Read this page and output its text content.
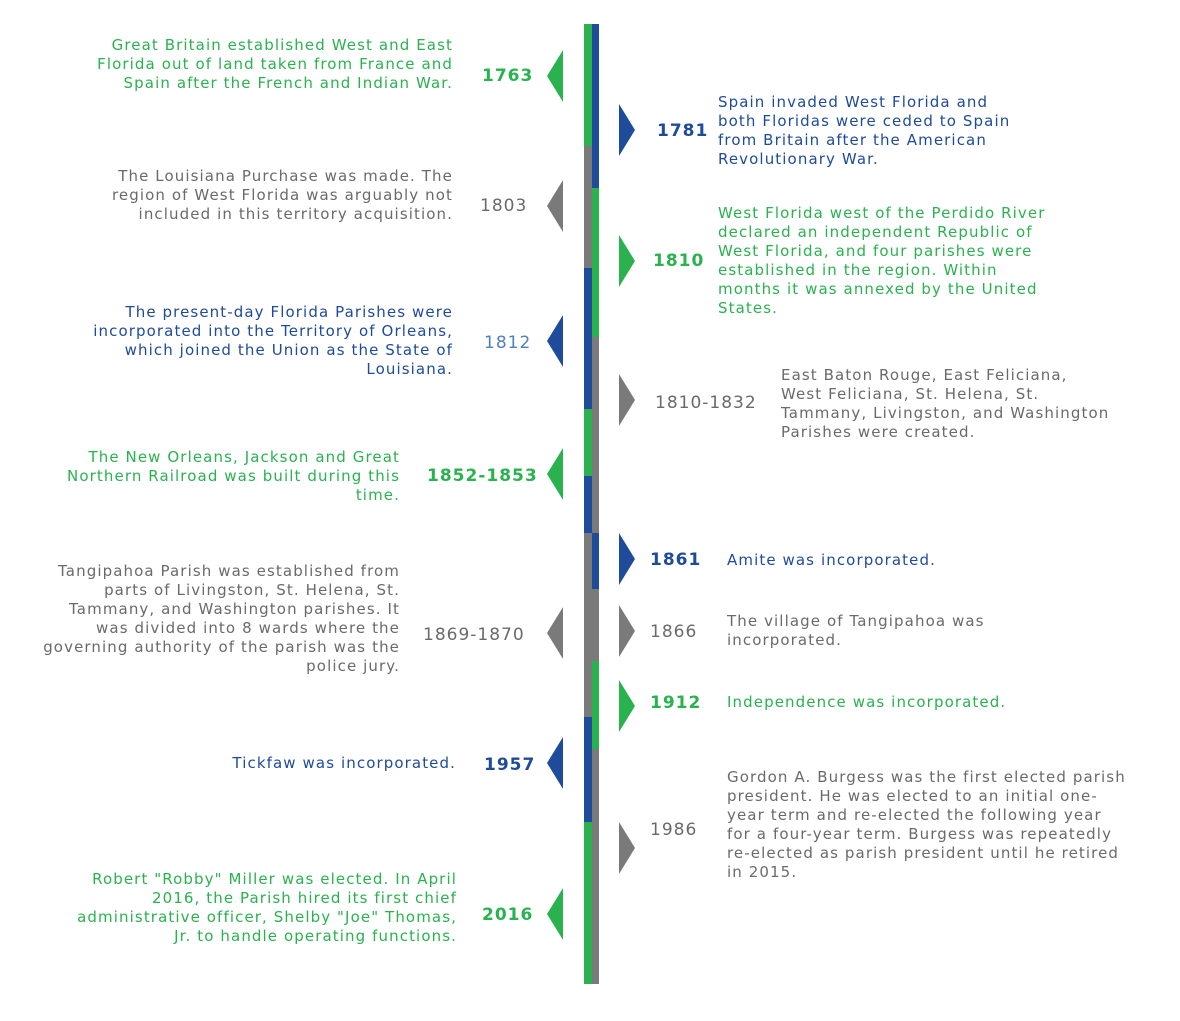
1763
Great Britain established West and East Florida out of land taken from France and Spain after the French and Indian War.
1781
Spain invaded West Florida and both Floridas were ceded to Spain from Britain after the American Revolutionary War.
1803
The Louisiana Purchase was made. The region of West Florida was arguably not included in this territory acquisition.
1810
West Florida west of the Perdido River declared an independent Republic of West Florida, and four parishes were established in the region. Within months it was annexed by the United States.
1812
The present-day Florida Parishes were incorporated into the Territory of Orleans, which joined the Union as the State of Louisiana.
1810-1832
East Baton Rouge, East Feliciana, West Feliciana, St. Helena, St. Tammany, Livingston, and Washington Parishes were created.
1852-1853
The New Orleans, Jackson and Great Northern Railroad was built during this time.
1861 Amite was incorporated.
1869-1870
Tangipahoa Parish was established from parts of Livingston, St. Helena, St. Tammany, and Washington parishes. It was divided into 8 wards where the governing authority of the parish was the police jury.
1866
The village of Tangipahoa was incorporated.
1912 Independence was incorporated.
1957
Tickfaw was incorporated.
1986
Gordon A. Burgess was the first elected parish president. He was elected to an initial one-year term and re-elected the following year for a four-year term. Burgess was repeatedly re-elected as parish president until he retired in 2015.
2016
Robert "Robby" Miller was elected. In April 2016, the Parish hired its first chief administrative officer, Shelby "Joe" Thomas, Jr. to handle operating functions.
